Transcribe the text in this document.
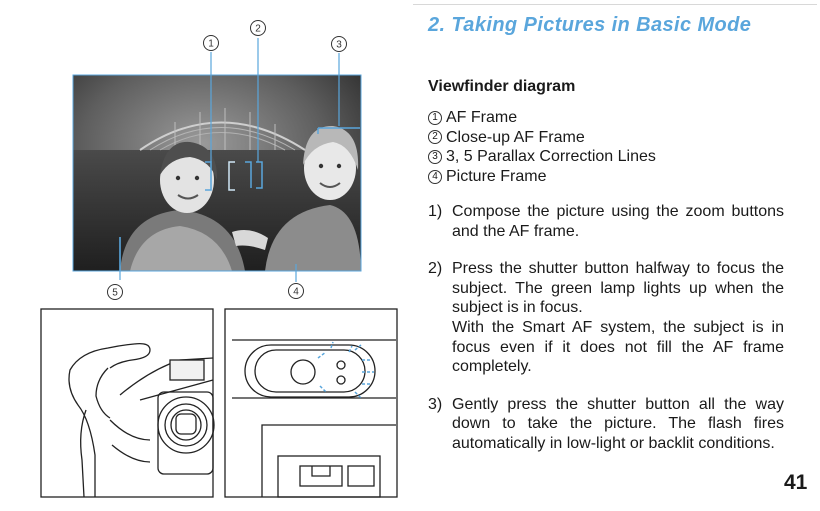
1
2
3
5	4
2. Taking Pictures in Basic Mode
Viewfinder diagram
1 AF Frame
2 Close-up AF Frame
3 3, 5 Parallax Correction Lines
4 Picture Frame
1) Compose the picture using the zoom buttons and the AF frame.

2) Press the shutter button halfway to focus the subject. The green lamp lights up when the subject is in focus.

With the Smart AF system, the subject is in focus even if it does not fill the AF frame completely.

3) Gently press the shutter button all the way down to take the picture. The flash fires automatically in low-light or backlit conditions.

41
